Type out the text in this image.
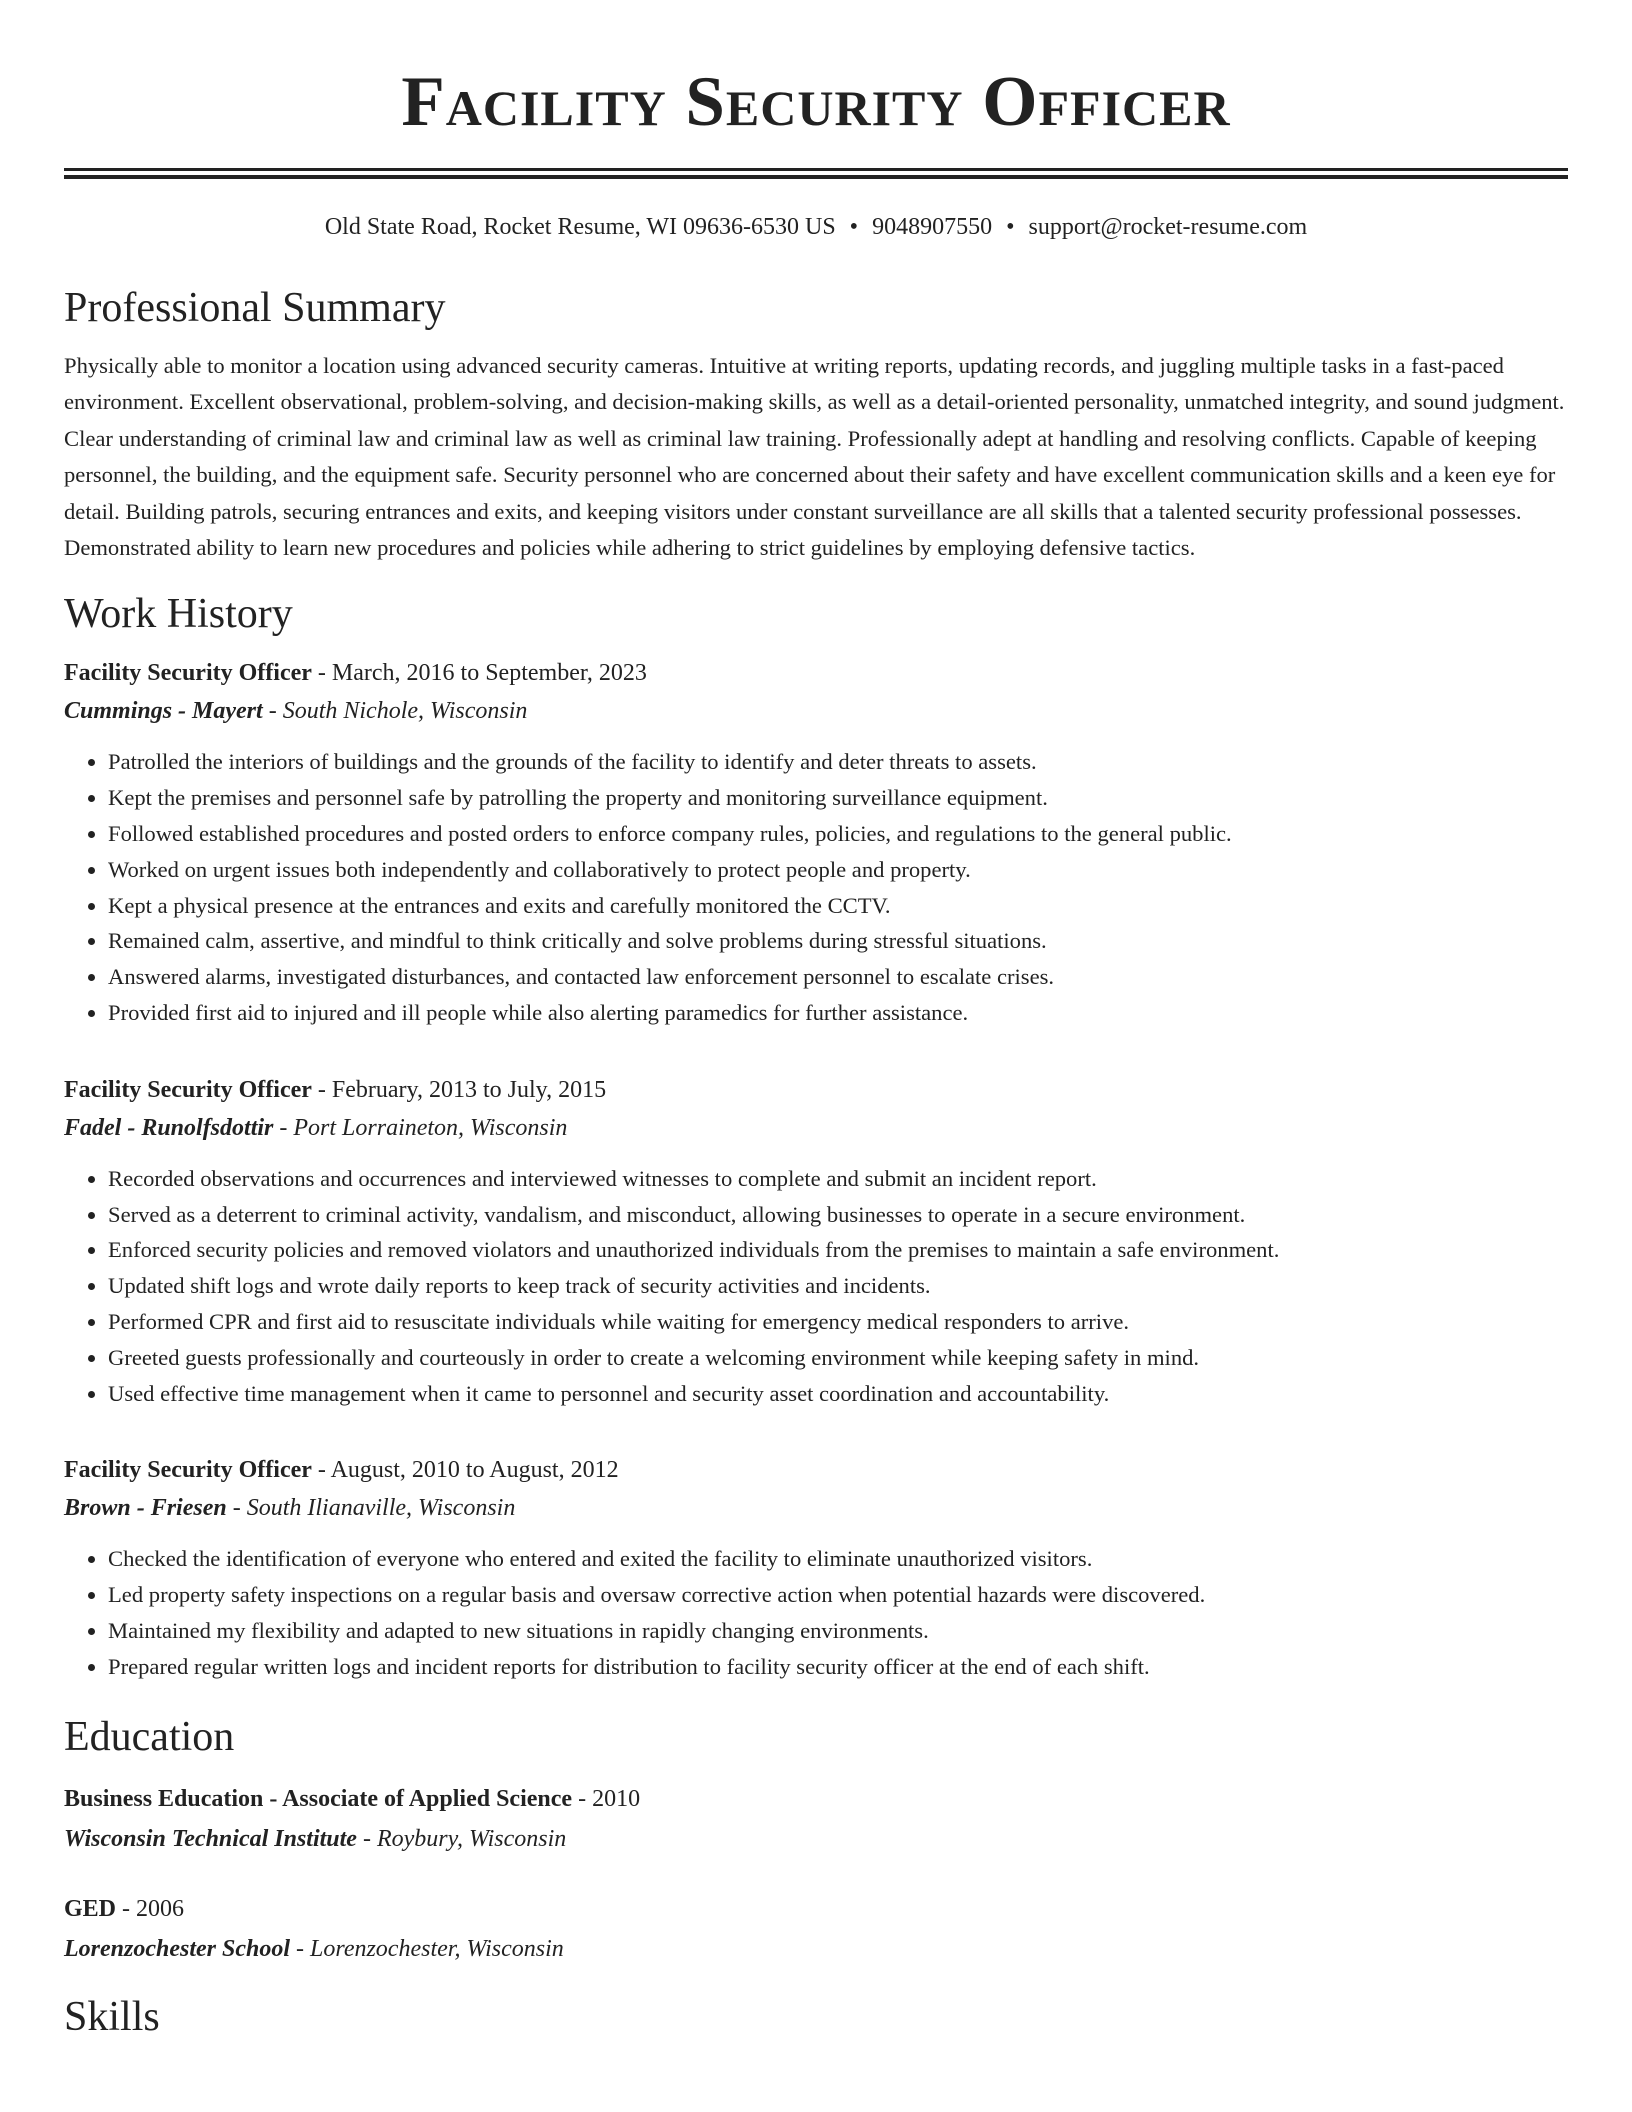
Facility Security Officer
Old State Road, Rocket Resume, WI 09636-6530 US • 9048907550 • support@rocket-resume.com
Professional Summary
Physically able to monitor a location using advanced security cameras. Intuitive at writing reports, updating records, and juggling multiple tasks in a fast-paced environment. Excellent observational, problem-solving, and decision-making skills, as well as a detail-oriented personality, unmatched integrity, and sound judgment. Clear understanding of criminal law and criminal law as well as criminal law training. Professionally adept at handling and resolving conflicts. Capable of keeping personnel, the building, and the equipment safe. Security personnel who are concerned about their safety and have excellent communication skills and a keen eye for detail. Building patrols, securing entrances and exits, and keeping visitors under constant surveillance are all skills that a talented security professional possesses. Demonstrated ability to learn new procedures and policies while adhering to strict guidelines by employing defensive tactics.
Work History
Facility Security Officer - March, 2016 to September, 2023
Cummings - Mayert - South Nichole, Wisconsin
• Patrolled the interiors of buildings and the grounds of the facility to identify and deter threats to assets.
• Kept the premises and personnel safe by patrolling the property and monitoring surveillance equipment.
• Followed established procedures and posted orders to enforce company rules, policies, and regulations to the general public.
• Worked on urgent issues both independently and collaboratively to protect people and property.
• Kept a physical presence at the entrances and exits and carefully monitored the CCTV.
• Remained calm, assertive, and mindful to think critically and solve problems during stressful situations.
• Answered alarms, investigated disturbances, and contacted law enforcement personnel to escalate crises.
• Provided first aid to injured and ill people while also alerting paramedics for further assistance.
Facility Security Officer - February, 2013 to July, 2015
Fadel - Runolfsdottir - Port Lorraineton, Wisconsin
• Recorded observations and occurrences and interviewed witnesses to complete and submit an incident report.
• Served as a deterrent to criminal activity, vandalism, and misconduct, allowing businesses to operate in a secure environment.
• Enforced security policies and removed violators and unauthorized individuals from the premises to maintain a safe environment.
• Updated shift logs and wrote daily reports to keep track of security activities and incidents.
• Performed CPR and first aid to resuscitate individuals while waiting for emergency medical responders to arrive.
• Greeted guests professionally and courteously in order to create a welcoming environment while keeping safety in mind.
• Used effective time management when it came to personnel and security asset coordination and accountability.
Facility Security Officer - August, 2010 to August, 2012
Brown - Friesen - South Ilianaville, Wisconsin
• Checked the identification of everyone who entered and exited the facility to eliminate unauthorized visitors.
• Led property safety inspections on a regular basis and oversaw corrective action when potential hazards were discovered.
• Maintained my flexibility and adapted to new situations in rapidly changing environments.
• Prepared regular written logs and incident reports for distribution to facility security officer at the end of each shift.
Education
Business Education - Associate of Applied Science - 2010
Wisconsin Technical Institute - Roybury, Wisconsin
GED - 2006
Lorenzochester School - Lorenzochester, Wisconsin
Skills
